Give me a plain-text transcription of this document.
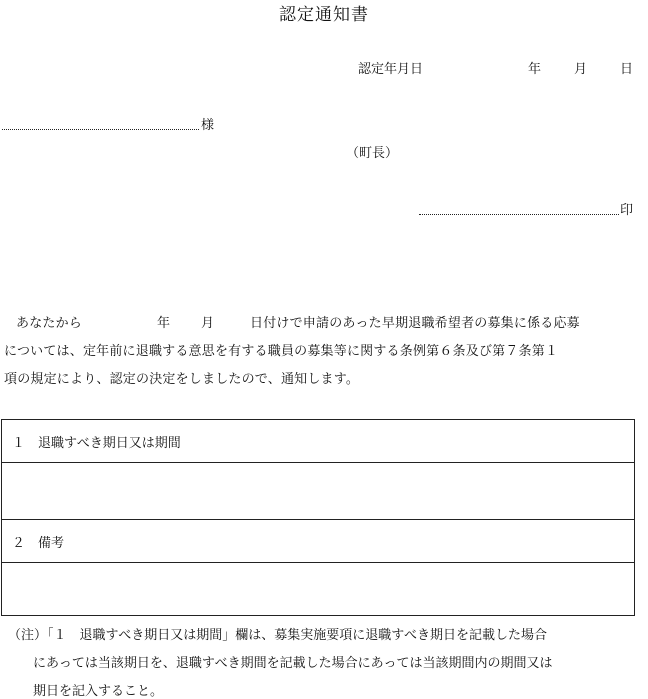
認定通知書
認定年月日	年	月	日
様
（町長）
印
あなたから	年 月	日付けで申請のあった早期退職希望者の募集に係る応募
については、定年前に退職する意思を有する職員の募集等に関する条例第６条及び第７条第１
項の規定により、認定の決定をしましたので、通知します。
１　退職すべき期日又は期間
２　備考
（注）「１　退職すべき期日又は期間」欄は、募集実施要項に退職すべき期日を記載した場合
にあっては当該期日を、退職すべき期間を記載した場合にあっては当該期間内の期間又は
期日を記入すること。
